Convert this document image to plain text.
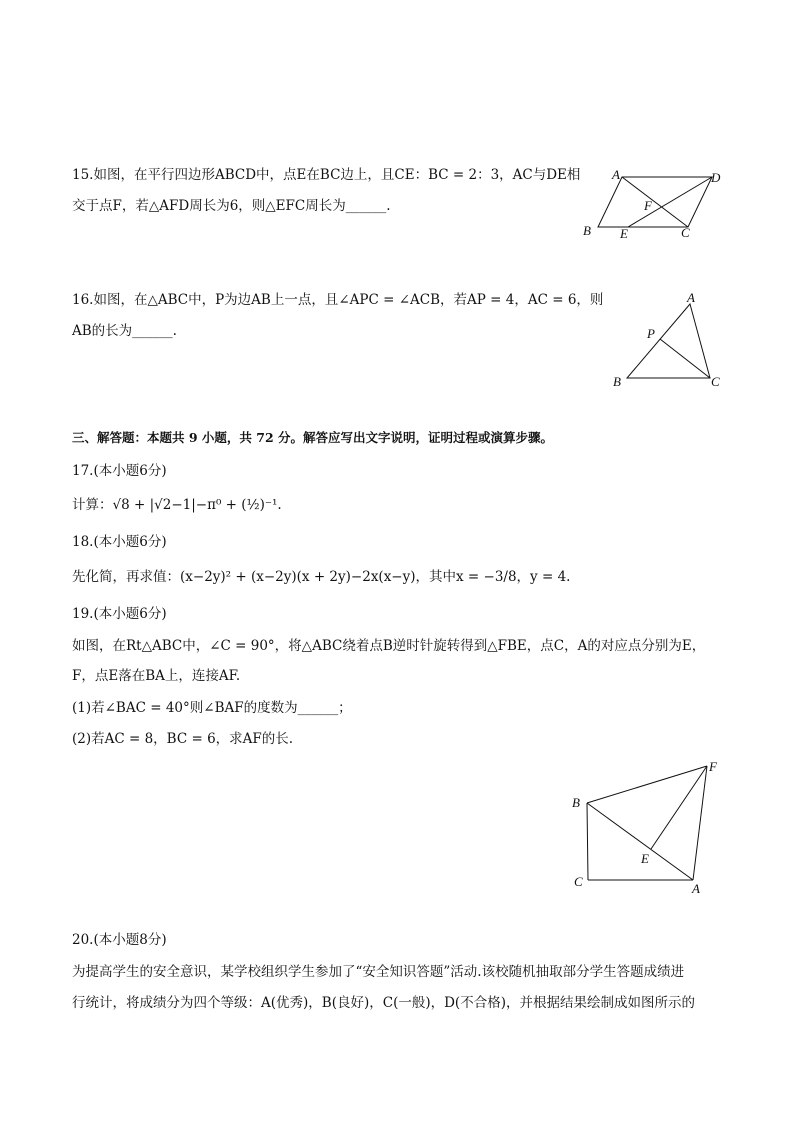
15.如图，在平行四边形ABCD中，点E在BC边上，且CE：BC = 2：3，AC与DE相
交于点F，若△AFD周长为6，则△EFC周长为______.
A	D
B E	C
F
16.如图，在△ABC中，P为边AB上一点，且∠APC = ∠ACB，若AP = 4，AC = 6，则
AB的长为______.
A
P
B	C
三、解答题：本题共 9 小题，共 72 分。解答应写出文字说明，证明过程或演算步骤。
17.(本小题6分)
计算：√8 + |√2−1|−π⁰ + (½)⁻¹.
18.(本小题6分)
先化简，再求值：(x−2y)² + (x−2y)(x + 2y)−2x(x−y)，其中x = −3/8，y = 4.
19.(本小题6分)
如图，在Rt△ABC中，∠C = 90°，将△ABC绕着点B逆时针旋转得到△FBE，点C，A的对应点分别为E，
F，点E落在BA上，连接AF.
(1)若∠BAC = 40°则∠BAF的度数为______；
(2)若AC = 8，BC = 6，求AF的长.
B
F
E
C	A
20.(本小题8分)
为提高学生的安全意识，某学校组织学生参加了“安全知识答题”活动.该校随机抽取部分学生答题成绩进
行统计，将成绩分为四个等级：A(优秀)，B(良好)，C(一般)，D(不合格)，并根据结果绘制成如图所示的
